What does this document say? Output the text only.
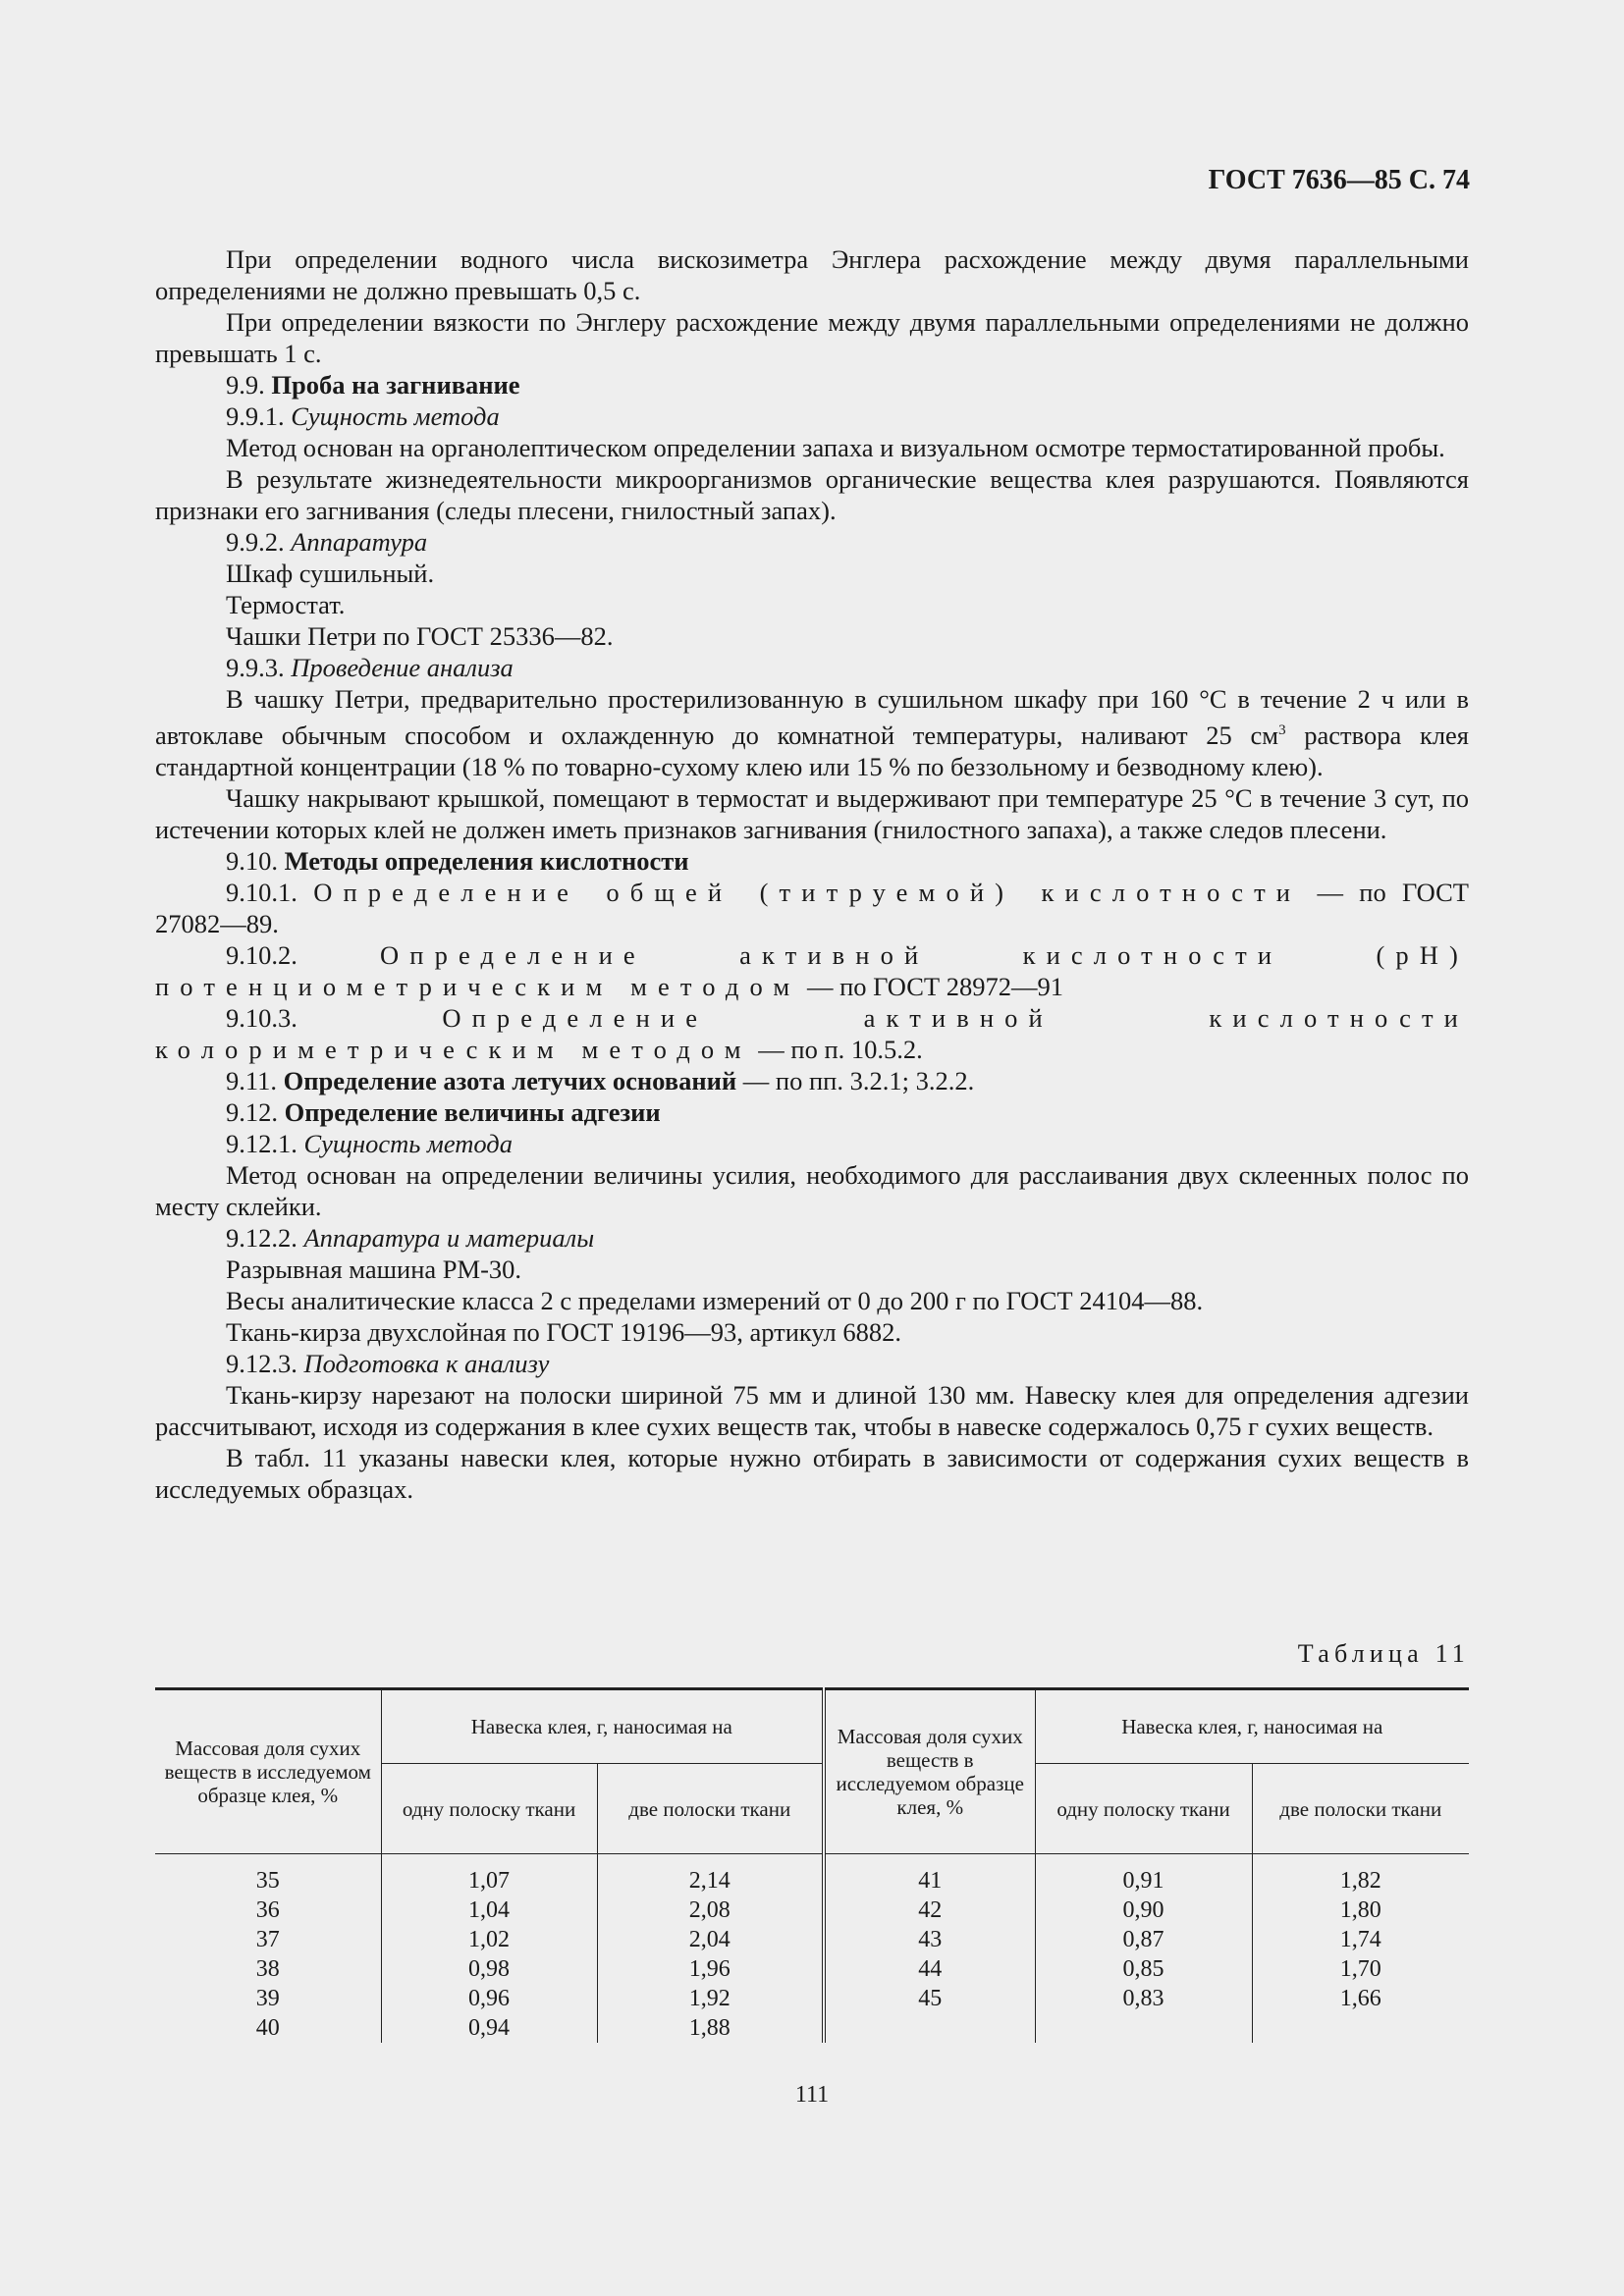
ГОСТ 7636—85 С. 74

При определении водного числа вискозиметра Энглера расхождение между двумя параллельными определениями не должно превышать 0,5 с.

При определении вязкости по Энглеру расхождение между двумя параллельными определениями не должно превышать 1 с.

9.9. Проба на загнивание

9.9.1. Сущность метода

Метод основан на органолептическом определении запаха и визуальном осмотре термостатированной пробы.

В результате жизнедеятельности микроорганизмов органические вещества клея разрушаются. Появляются признаки его загнивания (следы плесени, гнилостный запах).

9.9.2. Аппаратура

Шкаф сушильный.

Термостат.

Чашки Петри по ГОСТ 25336—82.

9.9.3. Проведение анализа

В чашку Петри, предварительно простерилизованную в сушильном шкафу при 160 °С в течение 2 ч или в автоклаве обычным способом и охлажденную до комнатной температуры, наливают 25 $см^3$ раствора клея стандартной концентрации (18 % по товарно-сухому клею или 15 % по беззольному и безводному клею).

Чашку накрывают крышкой, помещают в термостат и выдерживают при температуре 25 °С в течение 3 сут, по истечении которых клей не должен иметь признаков загнивания (гнилостного запаха), а также следов плесени.

9.10. Методы определения кислотности

9.10.1. Определение общей (титруемой) кислотности — по ГОСТ 27082—89.

9.10.2.	Определение активной кислотности (рН) потенциометрическим методом — по ГОСТ 28972—91

9.10.3.	Определение активной кислотности колориметрическим методом — по п. 10.5.2.

9.11. Определение азота летучих оснований — по пп. 3.2.1; 3.2.2.

9.12. Определение величины адгезии

9.12.1. Сущность метода

Метод основан на определении величины усилия, необходимого для расслаивания двух склеенных полос по месту склейки.

9.12.2. Аппаратура и материалы

Разрывная машина РМ-30.

Весы аналитические класса 2 с пределами измерений от 0 до 200 г по ГОСТ 24104—88.

Ткань-кирза двухслойная по ГОСТ 19196—93, артикул 6882.

9.12.3. Подготовка к анализу

Ткань-кирзу нарезают на полоски шириной 75 мм и длиной 130 мм. Навеску клея для определения адгезии рассчитывают, исходя из содержания в клее сухих веществ так, чтобы в навеске содержалось 0,75 г сухих веществ.

В табл. 11 указаны навески клея, которые нужно отбирать в зависимости от содержания сухих веществ в исследуемых образцах.

Таблица 11
Массовая доля сухих веществ в исследуемом образце клея, %	Навеска клея, г, наносимая на		Массовая доля сухих веществ в исследуемом образце клея, %	Навеска клея, г, наносимая на	
	одну полоску ткани	две полоски ткани		одну полоску ткани	две полоски ткани

35	1,07	2,14	41	0,91	1,82
36	1,04	2,08	42	0,90	1,80
37	1,02	2,04	43	0,87	1,74
38	0,98	1,96	44	0,85	1,70
39	0,96	1,92	45	0,83	1,66
40	0,94	1,88			
111
